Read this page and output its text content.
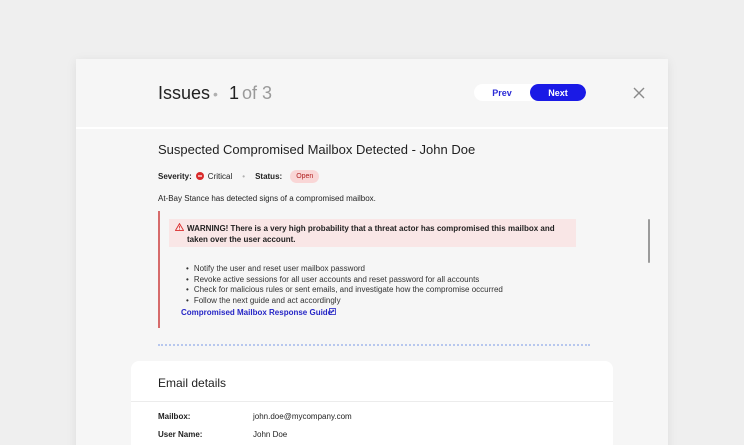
Issues • 1 of 3	Prev	Next
Suspected Compromised Mailbox Detected - John Doe
Severity: Critical • Status:	Open
At-Bay Stance has detected signs of a compromised mailbox.
WARNING! There is a very high probability that a threat actor has compromised this mailbox and taken over the user account.
• Notify the user and reset user mailbox password
• Revoke active sessions for all user accounts and reset password for all accounts
• Check for malicious rules or sent emails, and investigate how the compromise occurred
• Follow the next guide and act accordingly
Compromised Mailbox Response Guide
Email details
Mailbox:	john.doe@mycompany.com
User Name:	John Doe
